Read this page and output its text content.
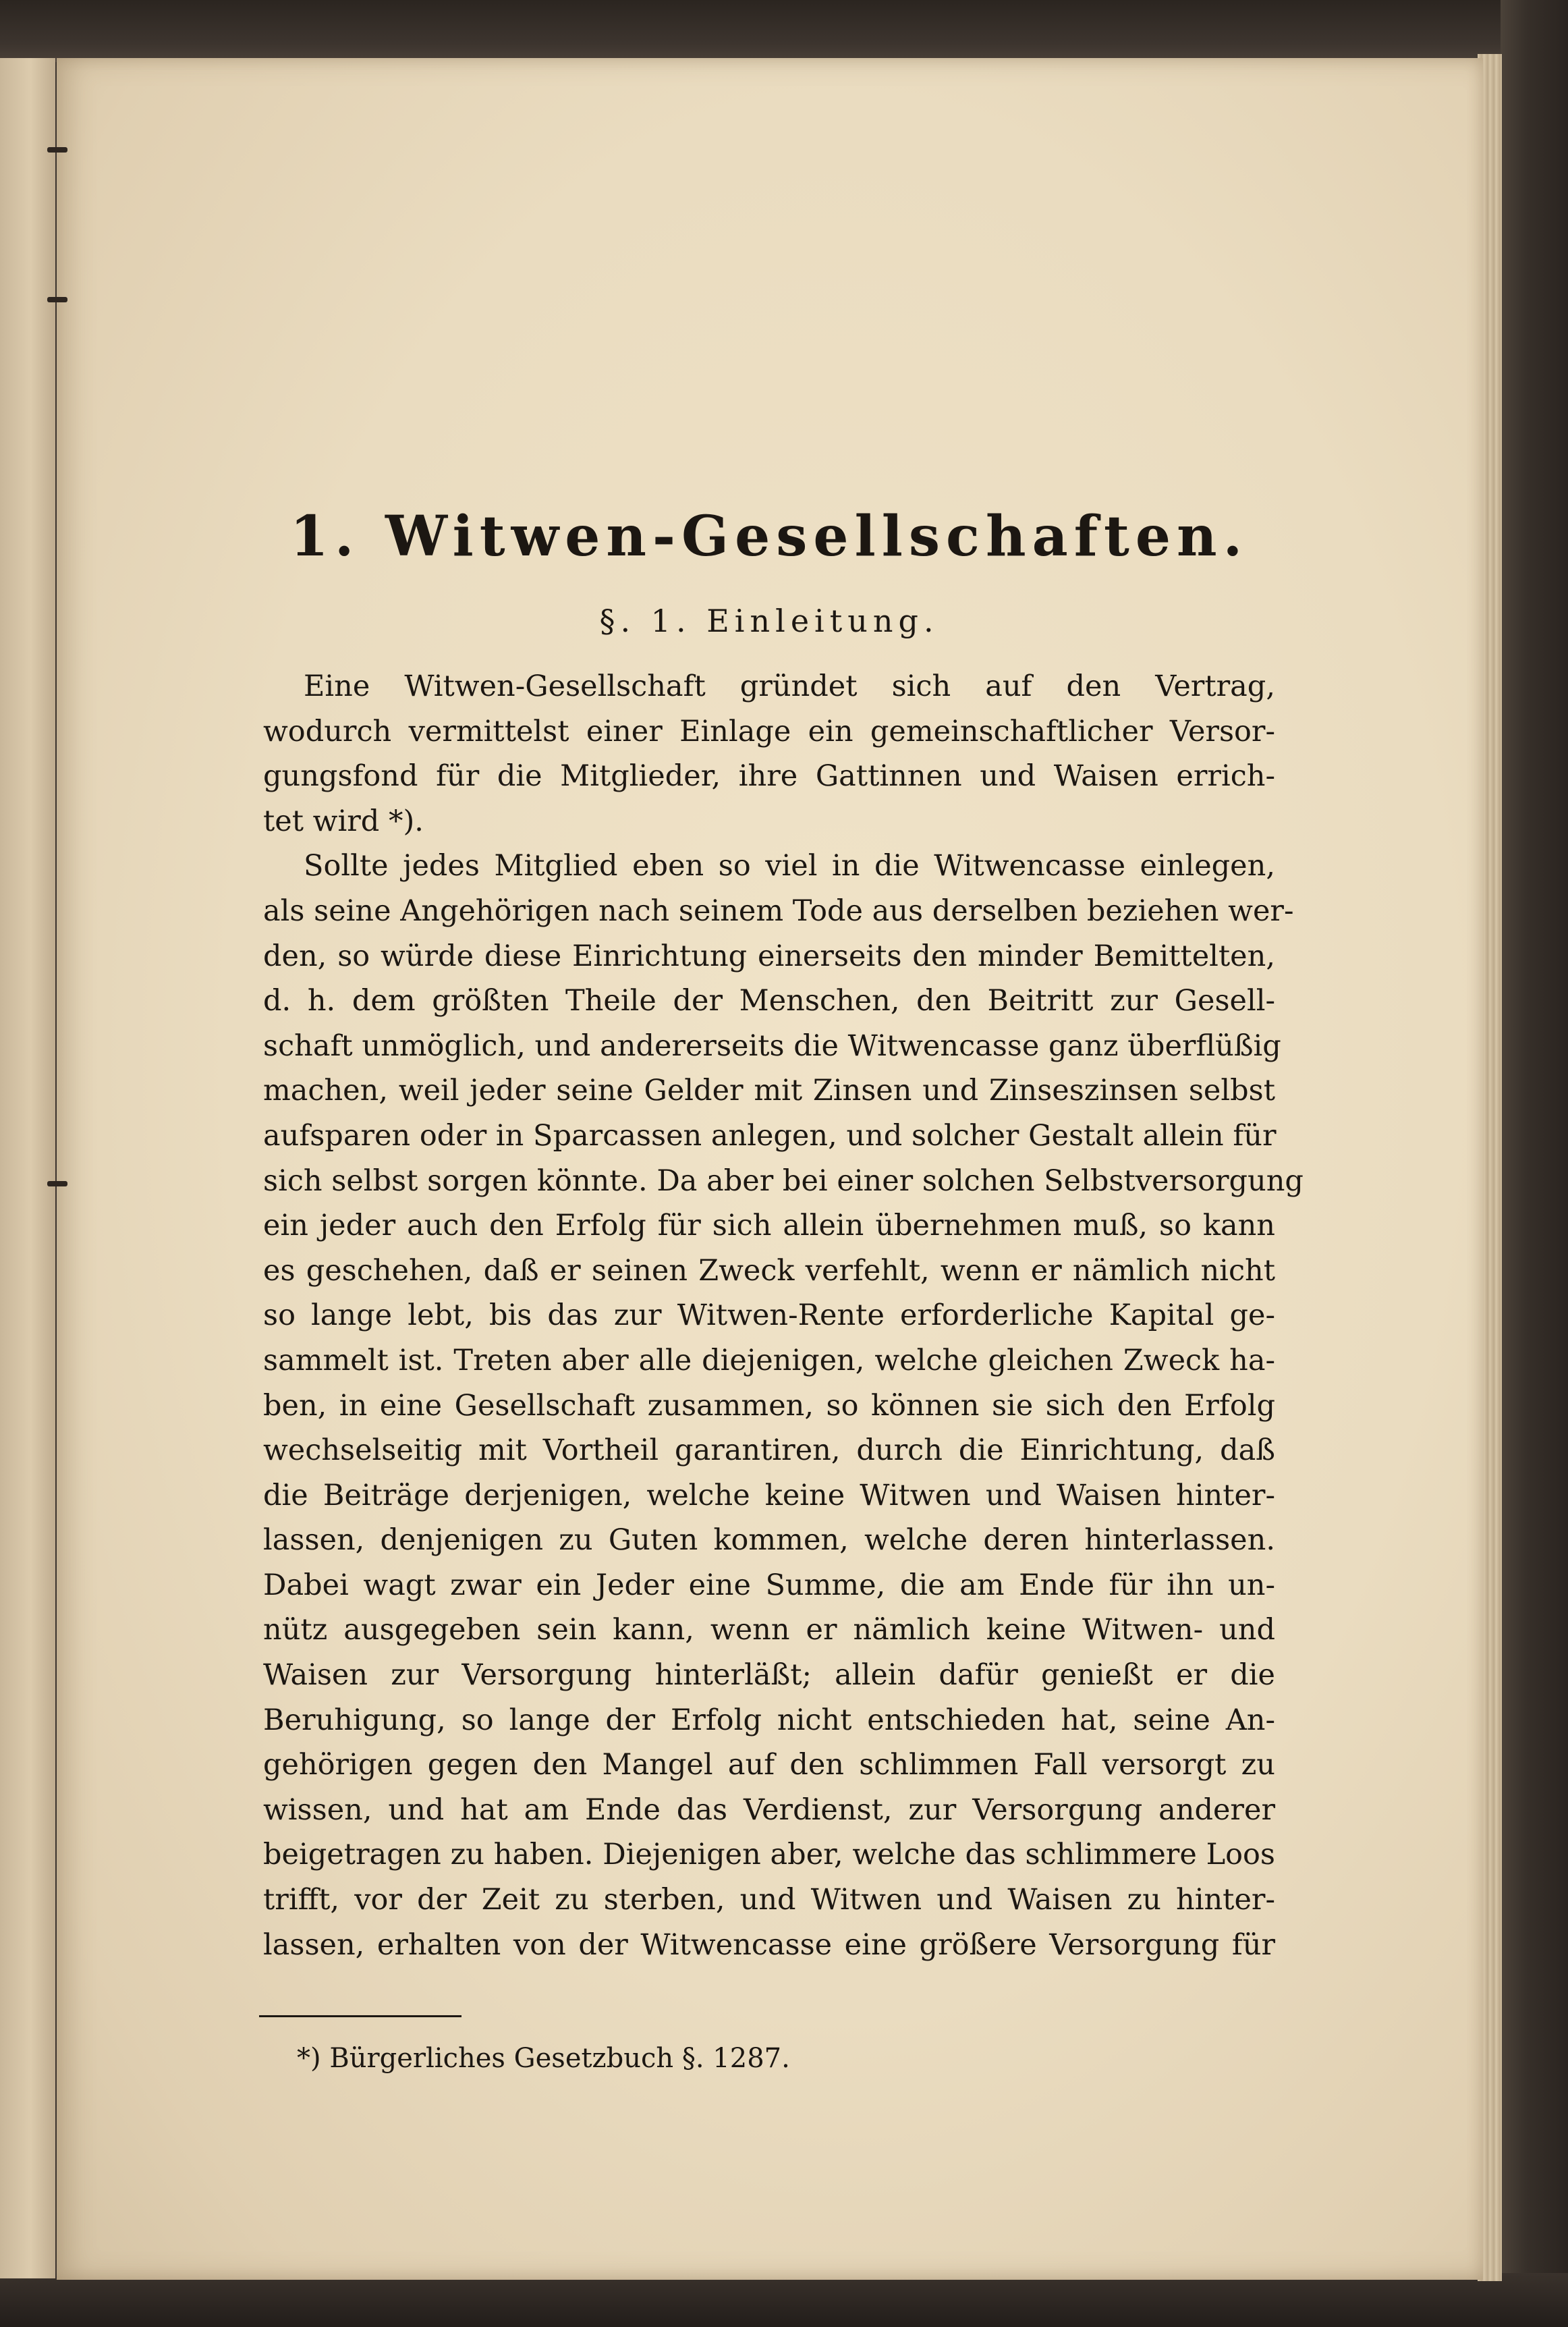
1. Witwen-Gesellschaften.
§. 1. Einleitung.
Eine Witwen-Gesellschaft gründet sich auf den Vertrag,
wodurch vermittelst einer Einlage ein gemeinschaftlicher Versor-
gungsfond für die Mitglieder, ihre Gattinnen und Waisen errich-
tet wird *).
Sollte jedes Mitglied eben so viel in die Witwencasse einlegen,
als seine Angehörigen nach seinem Tode aus derselben beziehen wer-
den, so würde diese Einrichtung einerseits den minder Bemittelten,
d. h. dem größten Theile der Menschen, den Beitritt zur Gesell-
schaft unmöglich, und andererseits die Witwencasse ganz überflüßig
machen, weil jeder seine Gelder mit Zinsen und Zinseszinsen selbst
aufsparen oder in Sparcassen anlegen, und solcher Gestalt allein für
sich selbst sorgen könnte. Da aber bei einer solchen Selbstversorgung
ein jeder auch den Erfolg für sich allein übernehmen muß, so kann
es geschehen, daß er seinen Zweck verfehlt, wenn er nämlich nicht
so lange lebt, bis das zur Witwen-Rente erforderliche Kapital ge-
sammelt ist. Treten aber alle diejenigen, welche gleichen Zweck ha-
ben, in eine Gesellschaft zusammen, so können sie sich den Erfolg
wechselseitig mit Vortheil garantiren, durch die Einrichtung, daß
die Beiträge derjenigen, welche keine Witwen und Waisen hinter-
lassen, denjenigen zu Guten kommen, welche deren hinterlassen.
Dabei wagt zwar ein Jeder eine Summe, die am Ende für ihn un-
nütz ausgegeben sein kann, wenn er nämlich keine Witwen- und
Waisen zur Versorgung hinterläßt; allein dafür genießt er die
Beruhigung, so lange der Erfolg nicht entschieden hat, seine An-
gehörigen gegen den Mangel auf den schlimmen Fall versorgt zu
wissen, und hat am Ende das Verdienst, zur Versorgung anderer
beigetragen zu haben. Diejenigen aber, welche das schlimmere Loos
trifft, vor der Zeit zu sterben, und Witwen und Waisen zu hinter-
lassen, erhalten von der Witwencasse eine größere Versorgung für
*) Bürgerliches Gesetzbuch §. 1287.
